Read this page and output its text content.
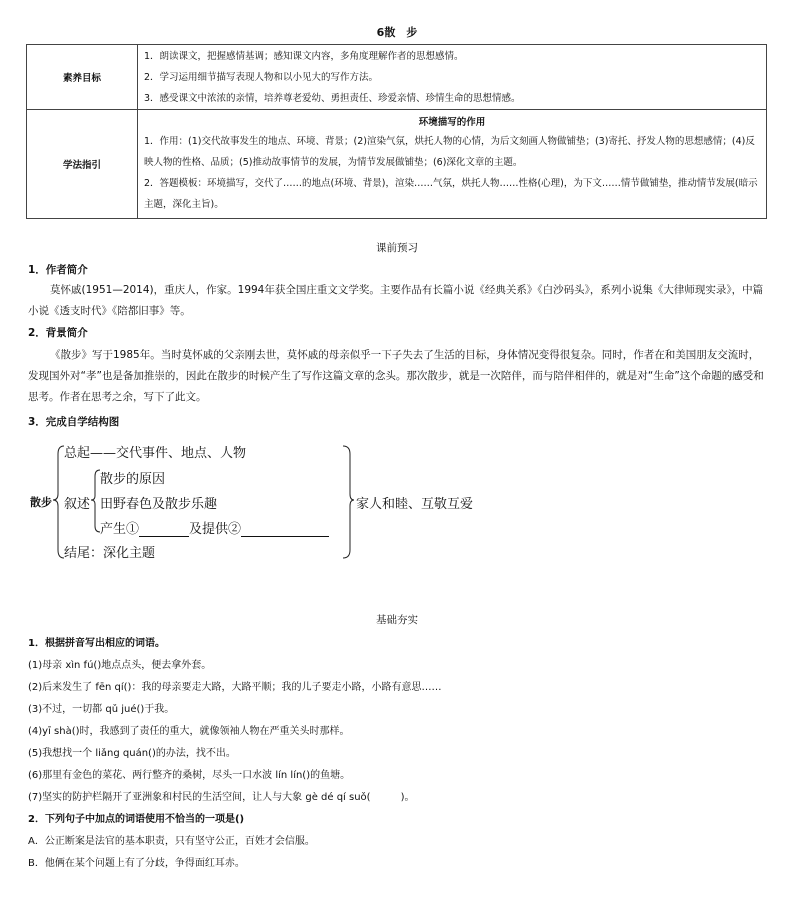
6散　步
素养目标	1．朗读课文，把握感情基调；感知课文内容，多角度理解作者的思想感情。
2．学习运用细节描写表现人物和以小见大的写作方法。
3．感受课文中浓浓的亲情，培养尊老爱幼、勇担责任、珍爱亲情、珍情生命的思想情感。

学法指引	环境描写的作用
1．作用：(1)交代故事发生的地点、环境、背景；(2)渲染气氛，烘托人物的心情，为后文刻画人物做铺垫；(3)寄托、抒发人物的思想感情；(4)反映人物的性格、品质；(5)推动故事情节的发展，为情节发展做铺垫；(6)深化文章的主题。
2．答题模板：环境描写，交代了……的地点(环境、背景)，渲染……气氛，烘托人物……性格(心理)，为下文……情节做铺垫，推动情节发展(暗示主题，深化主旨)。
课前预习
1．作者简介
莫怀戚(1951—2014)，重庆人，作家。1994年获全国庄重文文学奖。主要作品有长篇小说《经典关系》《白沙码头》，系列小说集《大律师现实录》，中篇小说《透支时代》《陪都旧事》等。
2．背景简介
《散步》写于1985年。当时莫怀戚的父亲刚去世，莫怀戚的母亲似乎一下子失去了生活的目标，身体情况变得很复杂。同时，作者在和美国朋友交流时，发现国外对“孝”也是备加推崇的，因此在散步的时候产生了写作这篇文章的念头。那次散步，就是一次陪伴，而与陪伴相伴的，就是对“生命”这个命题的感受和思考。作者在思考之余，写下了此文。
3．完成自学结构图
散步
总起——交代事件、地点、人物
叙述
散步的原因
田野春色及散步乐趣
产生①	及提供②
结尾：深化主题
家人和睦、互敬互爱
基础夯实
1．根据拼音写出相应的词语。
(1)母亲 xìn fú()地点点头，便去拿外套。
(2)后来发生了 fēn qí()：我的母亲要走大路，大路平顺；我的儿子要走小路，小路有意思……
(3)不过，一切都 qǔ jué()于我。
(4)yī shà()时，我感到了责任的重大，就像领袖人物在严重关头时那样。
(5)我想找一个 liǎng quán()的办法，找不出。
(6)那里有金色的菜花、两行整齐的桑树，尽头一口水波 lín lín()的鱼塘。
(7)坚实的防护栏隔开了亚洲象和村民的生活空间，让人与大象 gè dé qí suǒ(　　　)。
2．下列句子中加点的词语使用不恰当的一项是()
A．公正断案是法官的基本职责，只有坚守公正，百姓才会信服。
B．他俩在某个问题上有了分歧，争得面红耳赤。
